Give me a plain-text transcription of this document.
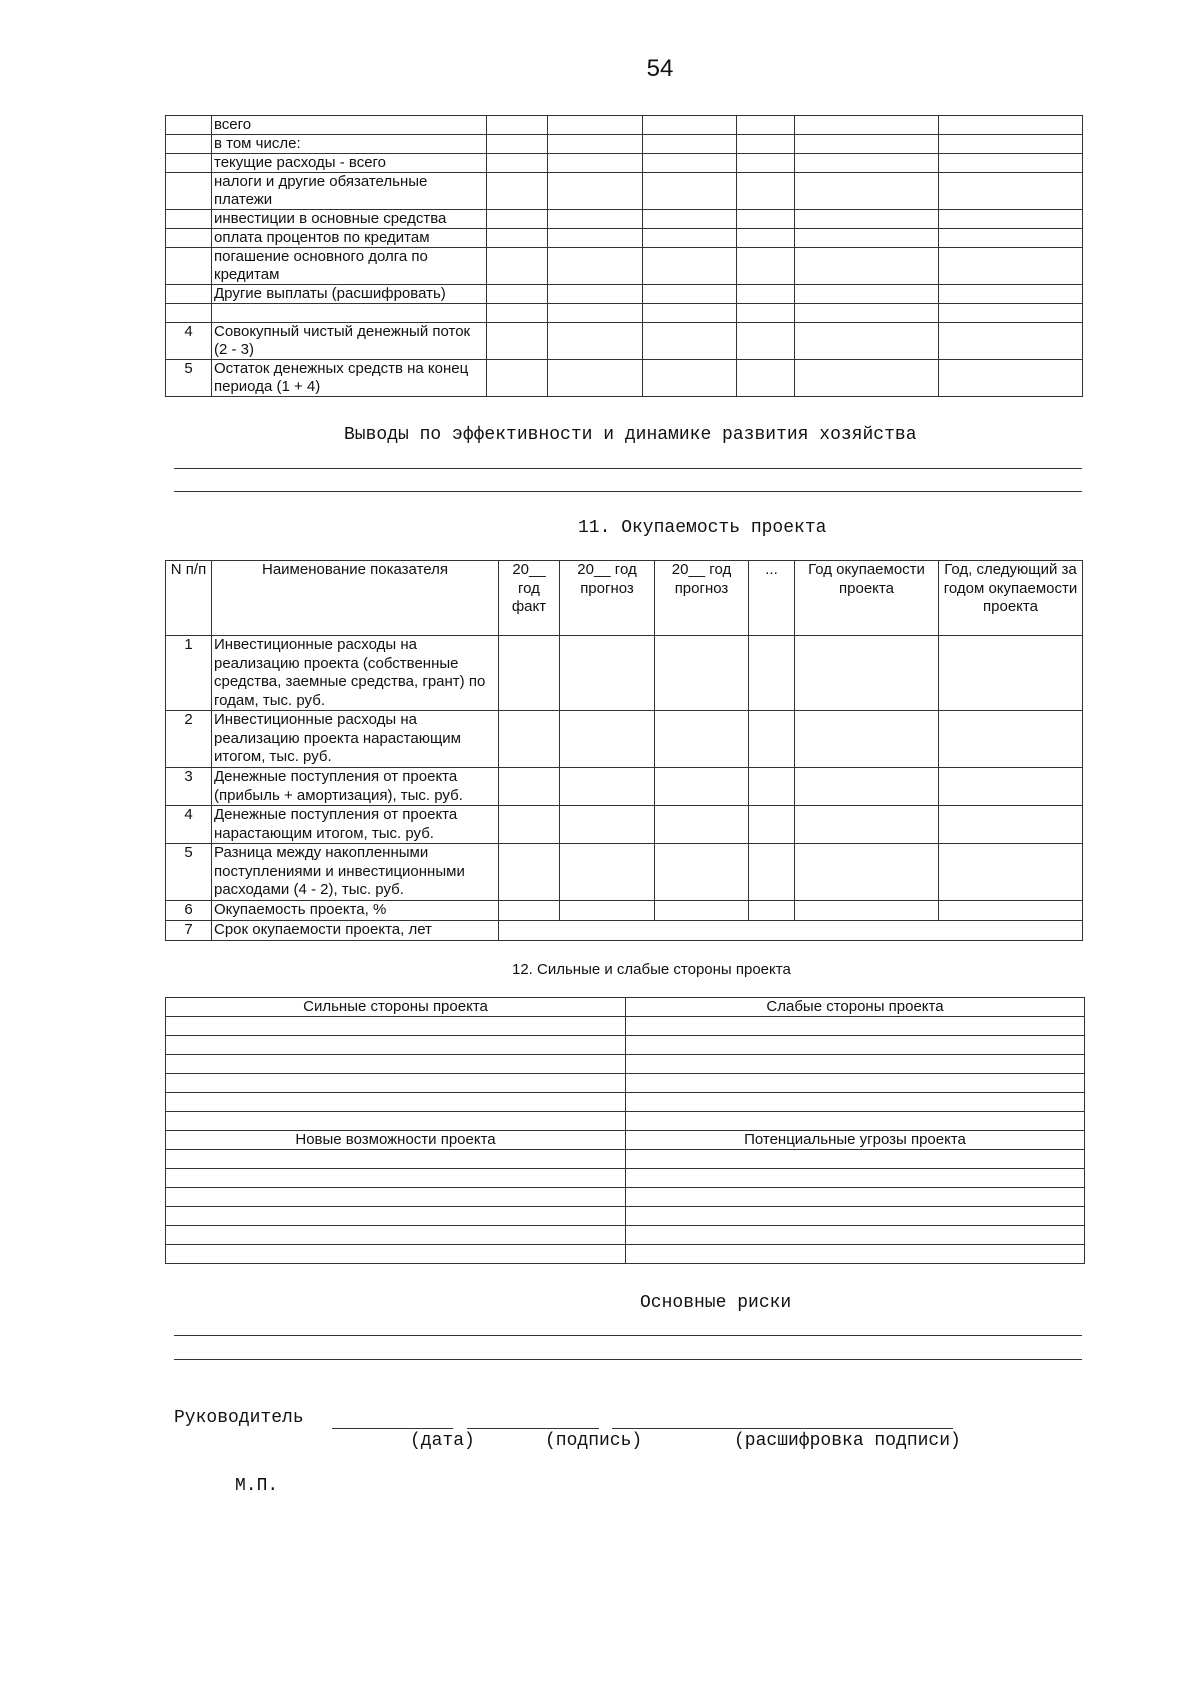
54
	всего						
	в том числе:						
	текущие расходы - всего						
	налоги и другие обязательные платежи						
	инвестиции в основные средства						
	оплата процентов по кредитам						
	погашение основного долга по кредитам						
	Другие выплаты (расшифровать)						

4	Совокупный чистый денежный поток (2 - 3)						
5	Остаток денежных средств на конец периода (1 + 4)						
Выводы по эффективности и динамике развития хозяйства
11. Окупаемость проекта
N п/п	Наименование показателя	20__ год факт	20__ год прогноз	20__ год прогноз	...	Год окупаемости проекта	Год, следующий за годом окупаемости проекта
1	Инвестиционные расходы на реализацию проекта (собственные средства, заемные средства, грант) по годам, тыс. руб.						
2	Инвестиционные расходы на реализацию проекта нарастающим итогом, тыс. руб.						
3	Денежные поступления от проекта (прибыль + амортизация), тыс. руб.						
4	Денежные поступления от проекта нарастающим итогом, тыс. руб.						
5	Разница между накопленными поступлениями и инвестиционными расходами (4 - 2), тыс. руб.						
6	Окупаемость проекта, %						
7	Срок окупаемости проекта, лет						
12. Сильные и слабые стороны проекта
Сильные стороны проекта	Слабые стороны проекта

Новые возможности проекта	Потенциальные угрозы проекта

Основные риски
Руководитель
(дата)	(подпись)	(расшифровка подписи)
М.П.
